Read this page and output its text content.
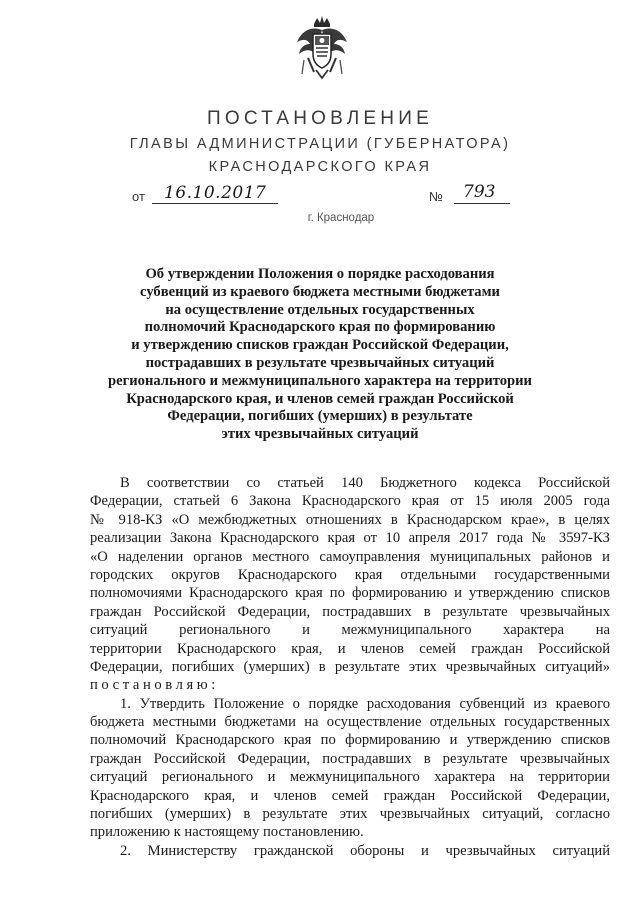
ПОСТАНОВЛЕНИЕ
ГЛАВЫ АДМИНИСТРАЦИИ (ГУБЕРНАТОРА)
КРАСНОДАРСКОГО КРАЯ
от 16.10.2017	№ 793
г. Краснодар
Об утверждении Положения о порядке расходования
субвенций из краевого бюджета местными бюджетами
на осуществление отдельных государственных
полномочий Краснодарского края по формированию
и утверждению списков граждан Российской Федерации,
пострадавших в результате чрезвычайных ситуаций
регионального и межмуниципального характера на территории
Краснодарского края, и членов семей граждан Российской
Федерации, погибших (умерших) в результате
этих чрезвычайных ситуаций
В соответствии со статьей 140 Бюджетного кодекса Российской
Федерации, статьей 6 Закона Краснодарского края от 15 июля 2005 года
№ 918-КЗ «О межбюджетных отношениях в Краснодарском крае», в целях
реализации Закона Краснодарского края от 10 апреля 2017 года № 3597-КЗ
«О наделении органов местного самоуправления муниципальных районов и
городских округов Краснодарского края отдельными государственными
полномочиями Краснодарского края по формированию и утверждению списков
граждан Российской Федерации, пострадавших в результате чрезвычайных
ситуаций регионального и межмуниципального характера на
территории Краснодарского края, и членов семей граждан Российской
Федерации, погибших (умерших) в результате этих чрезвычайных ситуаций»
постановляю:
1. Утвердить Положение о порядке расходования субвенций из краевого
бюджета местными бюджетами на осуществление отдельных государственных
полномочий Краснодарского края по формированию и утверждению списков
граждан Российской Федерации, пострадавших в результате чрезвычайных
ситуаций регионального и межмуниципального характера на территории
Краснодарского края, и членов семей граждан Российской Федерации,
погибших (умерших) в результате этих чрезвычайных ситуаций, согласно
приложению к настоящему постановлению.
2. Министерству гражданской обороны и чрезвычайных ситуаций
